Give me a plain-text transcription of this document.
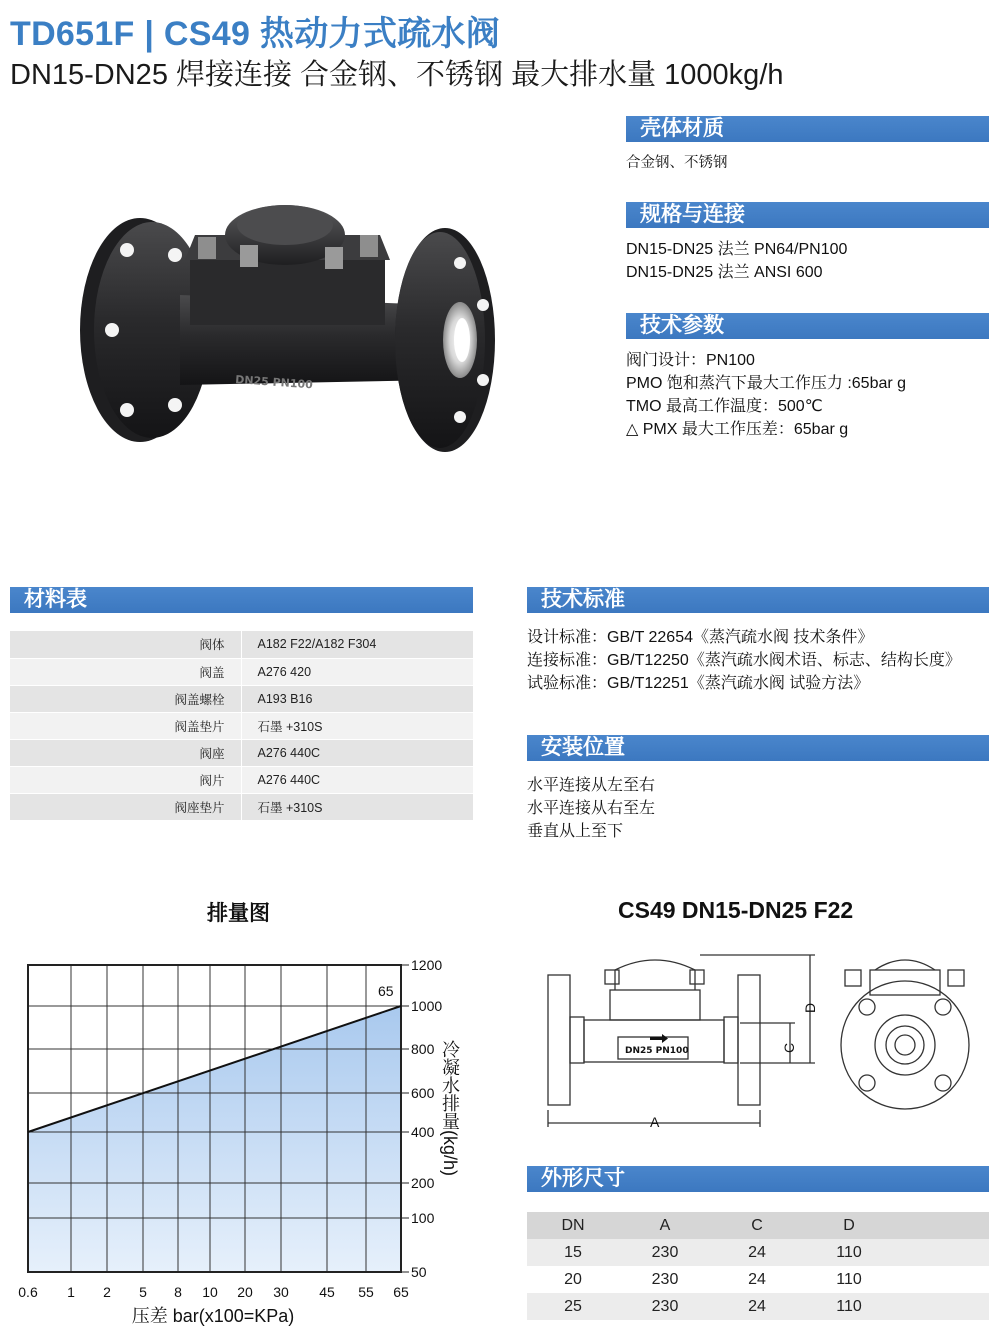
TD651F | CS49 热动力式疏水阀
DN15-DN25 焊接连接 合金钢、不锈钢 最大排水量 1000kg/h
DN25 PN100
壳体材质
合金钢、不锈钢
规格与连接
DN15-DN25 法兰 PN64/PN100
DN15-DN25 法兰 ANSI 600
技术参数
阀门设计：PN100
PMO 饱和蒸汽下最大工作压力 :65bar g
TMO 最高工作温度：500℃
△ PMX 最大工作压差：65bar g
材料表
阀体	A182 F22/A182 F304
阀盖	A276 420
阀盖螺栓	A193 B16
阀盖垫片	石墨 +310S
阀座	A276 440C
阀片	A276 440C
阀座垫片	石墨 +310S
技术标准
设计标准：GB/T 22654《蒸汽疏水阀 技术条件》
连接标准：GB/T12250《蒸汽疏水阀术语、标志、结构长度》
试验标准：GB/T12251《蒸汽疏水阀 试验方法》
安装位置
水平连接从左至右
水平连接从右至左
垂直从上至下
排量图
0.6 1 2 5 8 10 20 30 45 55 65
50
100
200
400
600
800
1000
1200
65
压差 bar(x100=KPa)
冷凝水排量(kg/h)
CS49 DN15-DN25 F22
DN25 PN100
A
D
C
外形尺寸
DN	A	C	D	
15	230	24	110	
20	230	24	110	
25	230	24	110	
